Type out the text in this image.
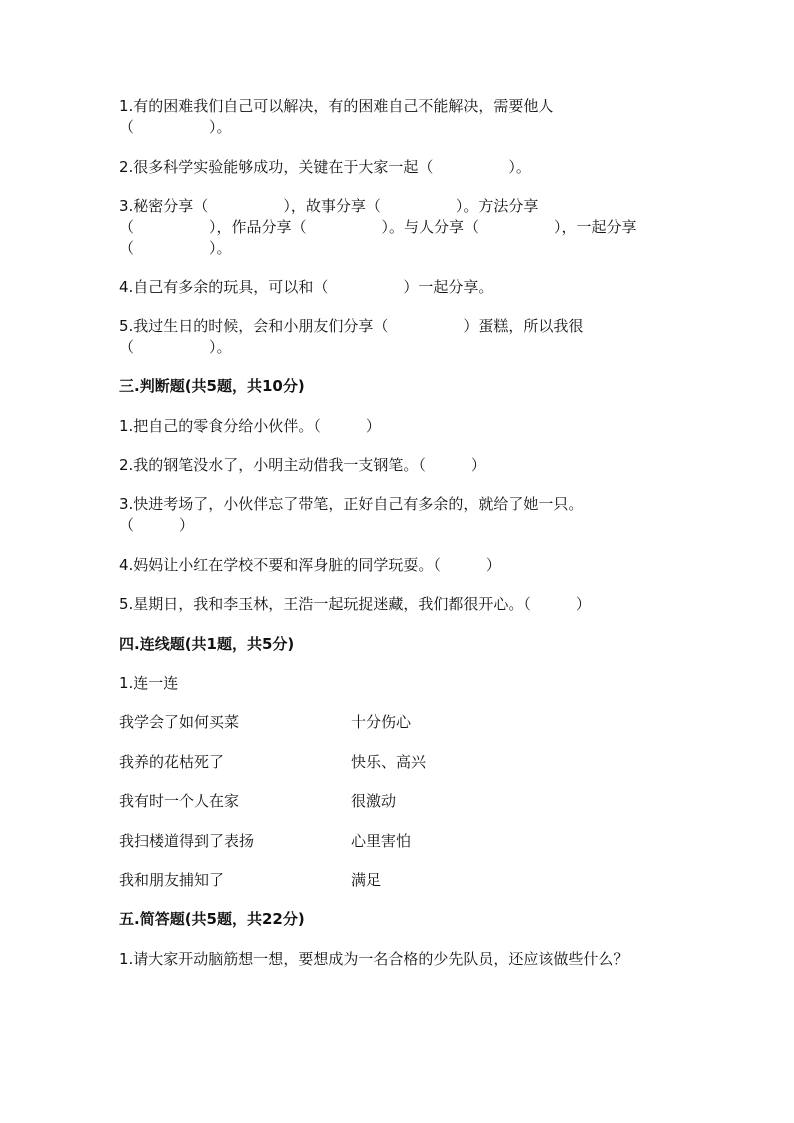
1.有的困难我们自己可以解决，有的困难自己不能解决，需要他人

（　　　　　）。

2.很多科学实验能够成功，关键在于大家一起（　　　　　）。

3.秘密分享（　　　　　），故事分享（　　　　　）。方法分享

（　　　　　），作品分享（　　　　　）。与人分享（　　　　　），一起分享

（　　　　　）。

4.自己有多余的玩具，可以和（　　　　　）一起分享。

5.我过生日的时候，会和小朋友们分享（　　　　　）蛋糕，所以我很

（　　　　　）。

三.判断题(共5题，共10分)

1.把自己的零食分给小伙伴。（　　　）

2.我的钢笔没水了，小明主动借我一支钢笔。（　　　）

3.快进考场了，小伙伴忘了带笔，正好自己有多余的，就给了她一只。

（　　　）

4.妈妈让小红在学校不要和浑身脏的同学玩耍。（　　　）

5.星期日，我和李玉林，王浩一起玩捉迷藏，我们都很开心。（　　　）

四.连线题(共1题，共5分)

1.连一连

我学会了如何买菜	十分伤心

我养的花枯死了	快乐、高兴

我有时一个人在家	很激动

我扫楼道得到了表扬	心里害怕

我和朋友捕知了	满足

五.简答题(共5题，共22分)

1.请大家开动脑筋想一想，要想成为一名合格的少先队员，还应该做些什么？
